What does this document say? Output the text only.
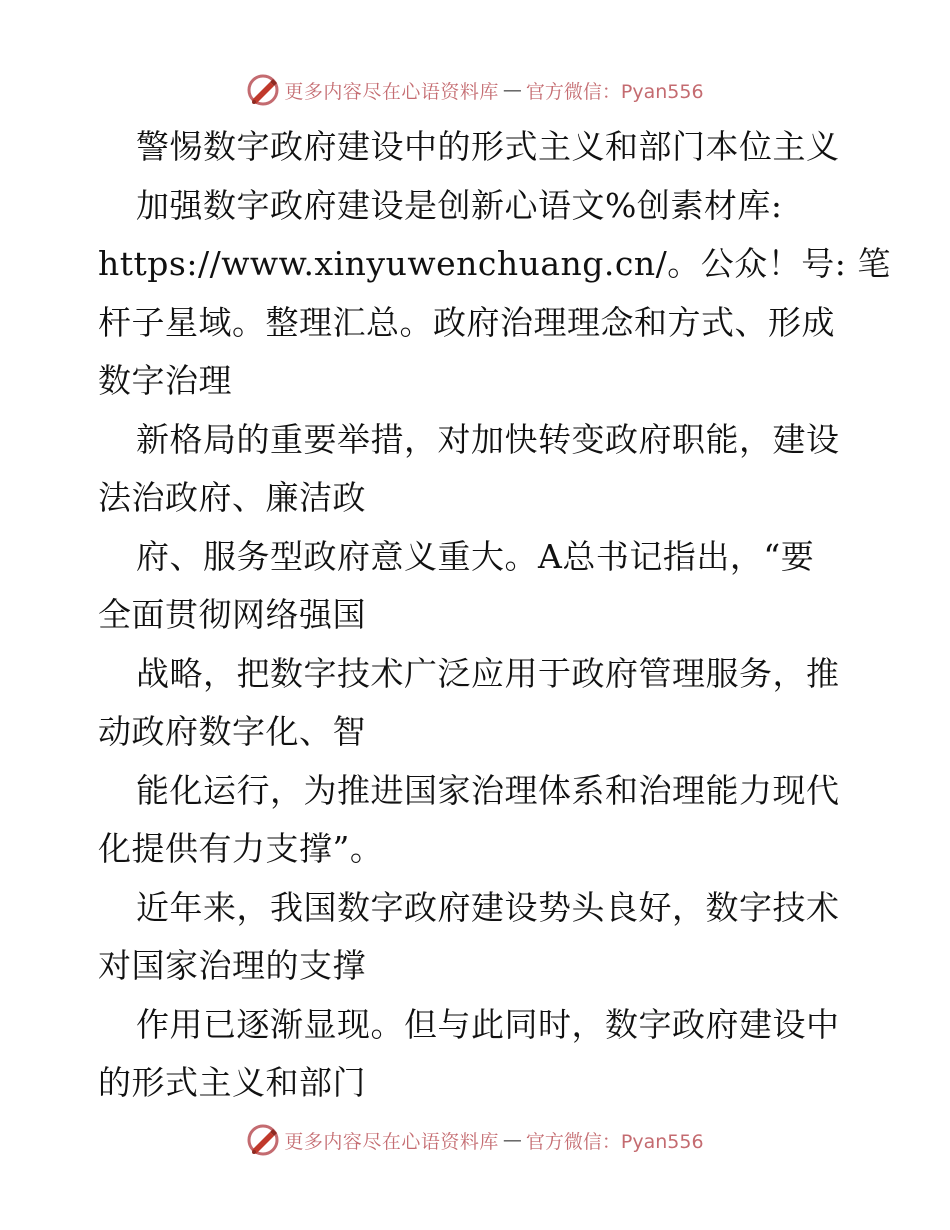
更多内容尽在心语资料库 — 官方微信：Pyan556
警惕数字政府建设中的形式主义和部门本位主义
加强数字政府建设是创新心语文%创素材库:
https://www.xinyuwenchuang.cn/。公众！号: 笔
杆子星域。整理汇总。政府治理理念和方式、形成
数字治理
新格局的重要举措，对加快转变政府职能，建设
法治政府、廉洁政
府、服务型政府意义重大。A总书记指出，“要
全面贯彻网络强国
战略，把数字技术广泛应用于政府管理服务，推
动政府数字化、智
能化运行，为推进国家治理体系和治理能力现代
化提供有力支撑”。
近年来，我国数字政府建设势头良好，数字技术
对国家治理的支撑
作用已逐渐显现。但与此同时，数字政府建设中
的形式主义和部门
更多内容尽在心语资料库 — 官方微信：Pyan556
